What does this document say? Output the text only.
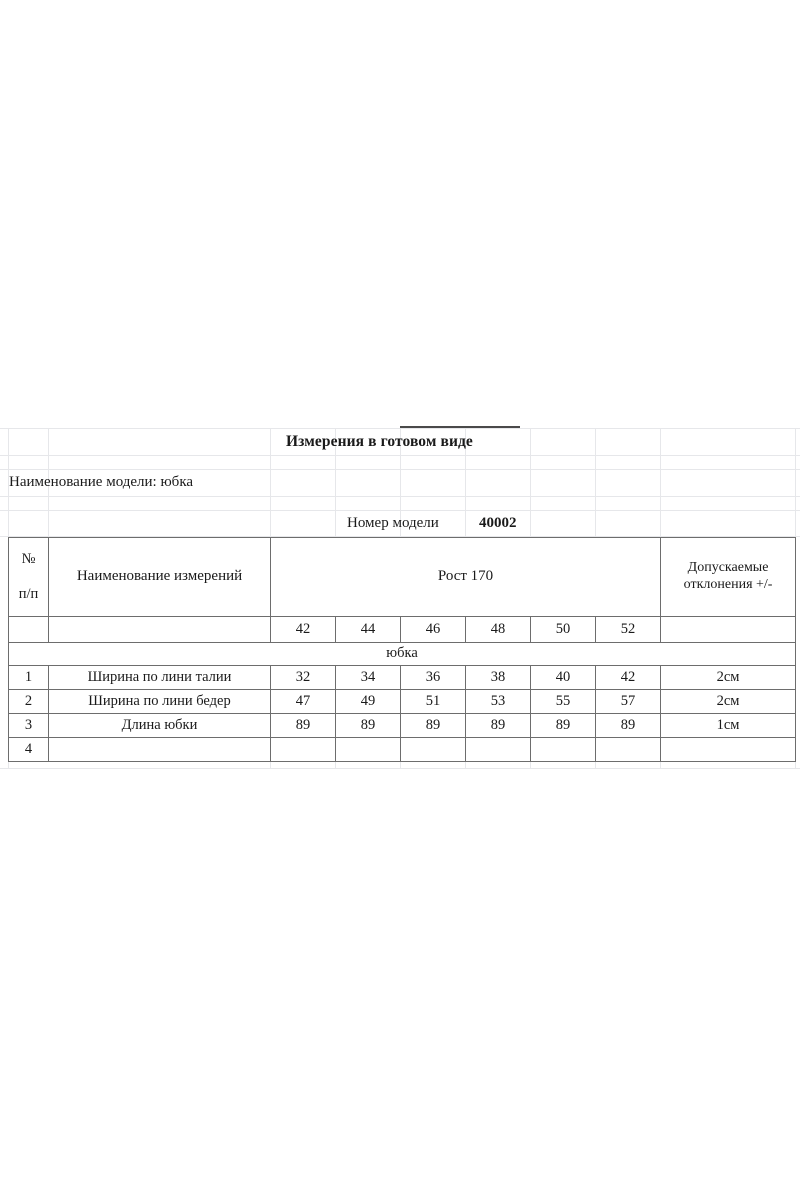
Измерения в готовом виде
Наименование модели: юбка
Номер модели	40002
№
п/п	Наименование измерений	Рост 170						Допускаемые
отклонения +/-
		42	44	46	48	50	52	
юбка								
1	Ширина по лини талии	32	34	36	38	40	42	2см
2	Ширина по лини бедер	47	49	51	53	55	57	2см
3	Длина юбки	89	89	89	89	89	89	1см
4								
